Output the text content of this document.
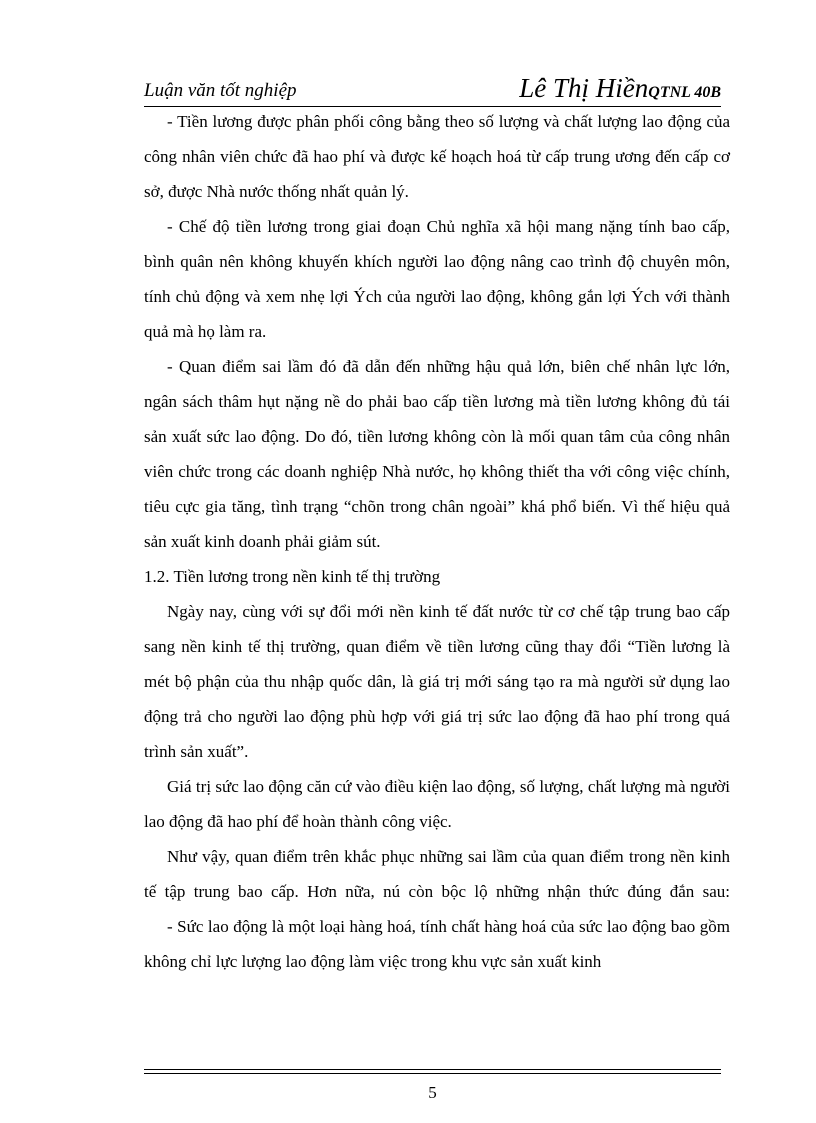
Luận văn tốt nghiệp	Lê Thị HiềnQTNL 40B

- Tiền lương được phân phối công bằng theo số lượng và chất lượng lao động của công nhân viên chức đã hao phí và được kế hoạch hoá từ cấp trung ương đến cấp cơ sở, được Nhà nước thống nhất quản lý.

- Chế độ tiền lương trong giai đoạn Chủ nghĩa xã hội mang nặng tính bao cấp, bình quân nên không khuyến khích người lao động nâng cao trình độ chuyên môn, tính chủ động và xem nhẹ lợi Ých của người lao động, không gắn lợi Ých với thành quả mà họ làm ra.

- Quan điểm sai lầm đó đã dẫn đến những hậu quả lớn, biên chế nhân lực lớn, ngân sách thâm hụt nặng nề do phải bao cấp tiền lương mà tiền lương không đủ tái sản xuất sức lao động. Do đó, tiền lương không còn là mối quan tâm của công nhân viên chức trong các doanh nghiệp Nhà nước, họ không thiết tha với công việc chính, tiêu cực gia tăng, tình trạng “chõn trong chân ngoài” khá phổ biến. Vì thế hiệu quả sản xuất kinh doanh phải giảm sút.

1.2. Tiền lương trong nền kinh tế thị trường

Ngày nay, cùng với sự đổi mới nền kinh tế đất nước từ cơ chế tập trung bao cấp sang nền kinh tế thị trường, quan điểm về tiền lương cũng thay đổi “Tiền lương là mét bộ phận của thu nhập quốc dân, là giá trị mới sáng tạo ra mà người sử dụng lao động trả cho người lao động phù hợp với giá trị sức lao động đã hao phí trong quá trình sản xuất”.

Giá trị sức lao động căn cứ vào điều kiện lao động, số lượng, chất lượng mà người lao động đã hao phí để hoàn thành công việc.

Như vậy, quan điểm trên khắc phục những sai lầm của quan điểm trong nền kinh tế tập trung bao cấp. Hơn nữa, nú còn bộc lộ những nhận thức đúng đắn sau:

- Sức lao động là một loại hàng hoá, tính chất hàng hoá của sức lao động bao gồm không chỉ lực lượng lao động làm việc trong khu vực sản xuất kinh

5
